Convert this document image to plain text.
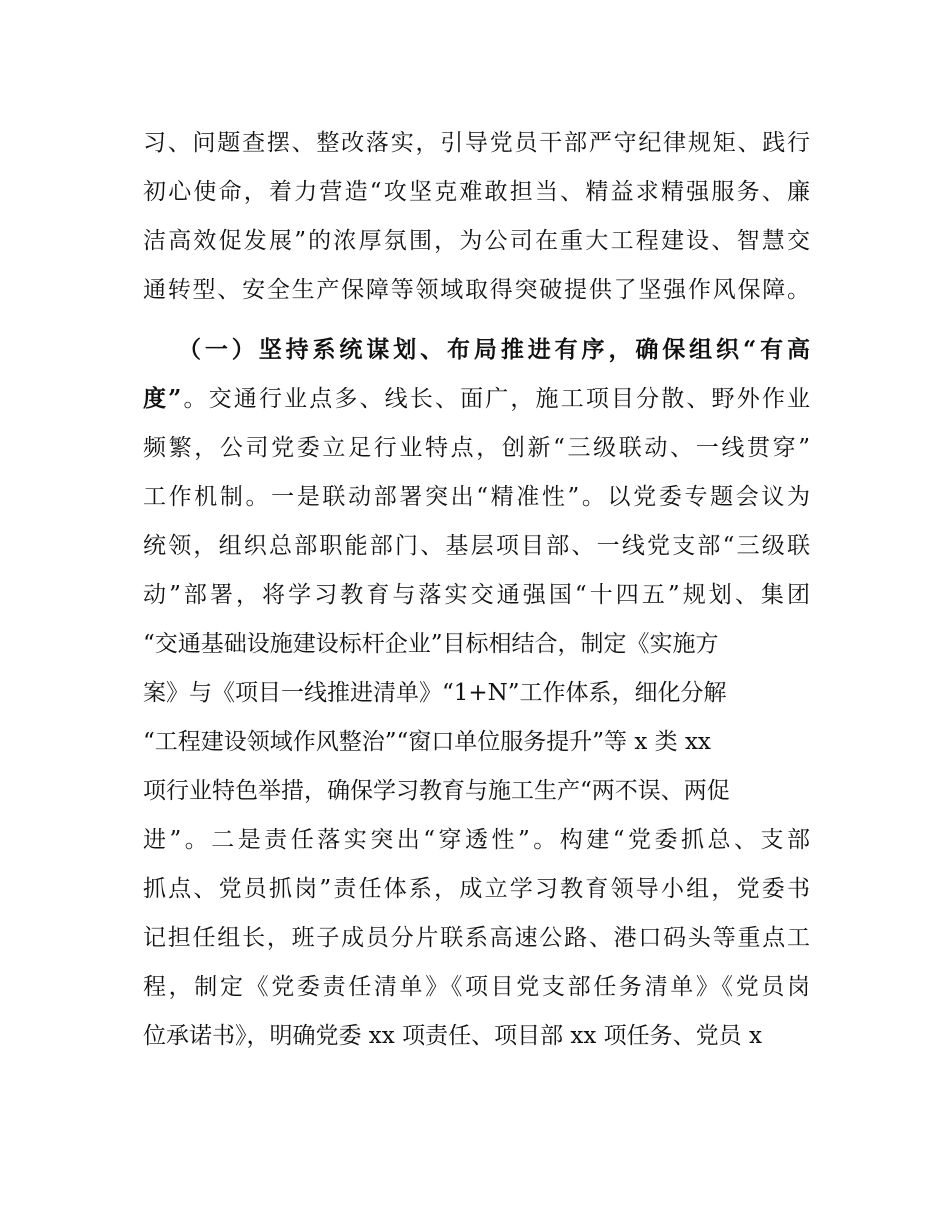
习、问题查摆、整改落实，引导党员干部严守纪律规矩、践行
初心使命，着力营造“攻坚克难敢担当、精益求精强服务、廉
洁高效促发展”的浓厚氛围，为公司在重大工程建设、智慧交
通转型、安全生产保障等领域取得突破提供了坚强作风保障。
（一）坚持系统谋划、布局推进有序，确保组织“有高
度”。交通行业点多、线长、面广，施工项目分散、野外作业
频繁，公司党委立足行业特点，创新“三级联动、一线贯穿”
工作机制。一是联动部署突出“精准性”。以党委专题会议为
统领，组织总部职能部门、基层项目部、一线党支部“三级联
动”部署，将学习教育与落实交通强国“十四五”规划、集团
“交通基础设施建设标杆企业”目标相结合，制定《实施方
案》与《项目一线推进清单》“1+N”工作体系，细化分解
“工程建设领域作风整治”“窗口单位服务提升”等 x 类 xx
项行业特色举措，确保学习教育与施工生产“两不误、两促
进”。二是责任落实突出“穿透性”。构建“党委抓总、支部
抓点、党员抓岗”责任体系，成立学习教育领导小组，党委书
记担任组长，班子成员分片联系高速公路、港口码头等重点工
程，制定《党委责任清单》《项目党支部任务清单》《党员岗
位承诺书》，明确党委 xx 项责任、项目部 xx 项任务、党员 x
